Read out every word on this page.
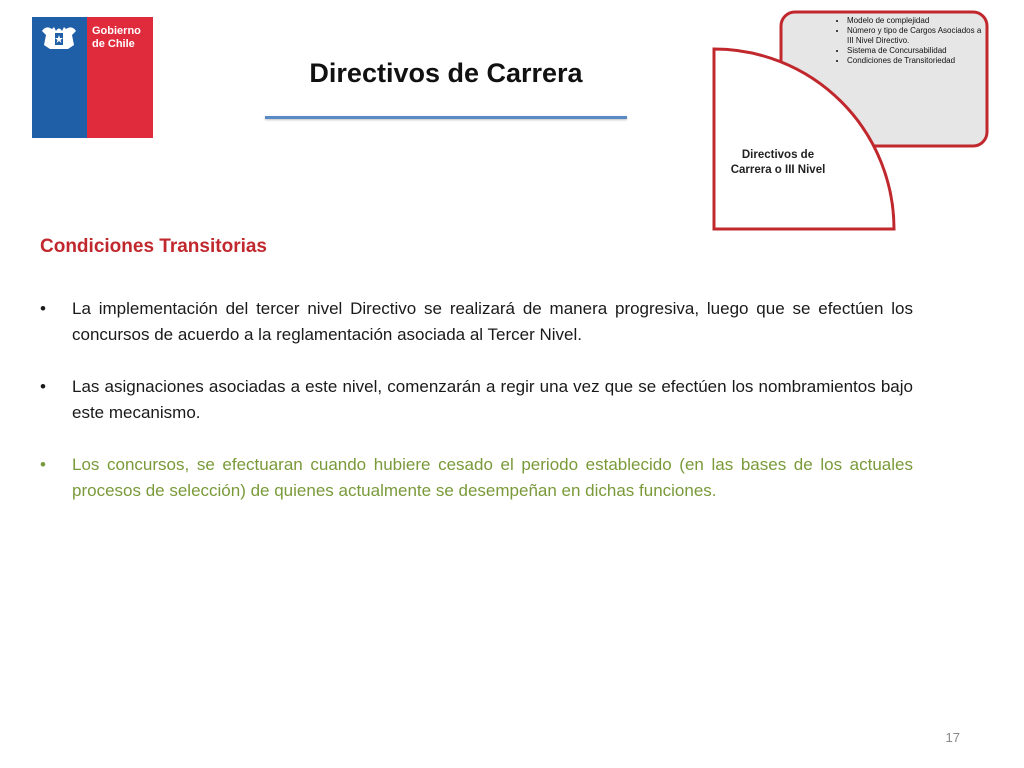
Gobierno
de Chile
Directivos de Carrera
• Modelo de complejidad
• Número y tipo de Cargos Asociados a III Nivel Directivo.
• Sistema de Concursabilidad
• Condiciones de Transitoriedad
Directivos de
Carrera o III Nivel
Condiciones Transitorias
•	La implementación del tercer nivel Directivo se realizará de manera progresiva, luego que se efectúen los concursos de acuerdo a la reglamentación asociada al Tercer Nivel.
•	Las asignaciones asociadas a este nivel, comenzarán a regir una vez que se efectúen los nombramientos bajo este mecanismo.
•	Los concursos, se efectuaran cuando hubiere cesado el periodo establecido (en las bases de los actuales procesos de selección) de quienes actualmente se desempeñan en dichas funciones.
17
